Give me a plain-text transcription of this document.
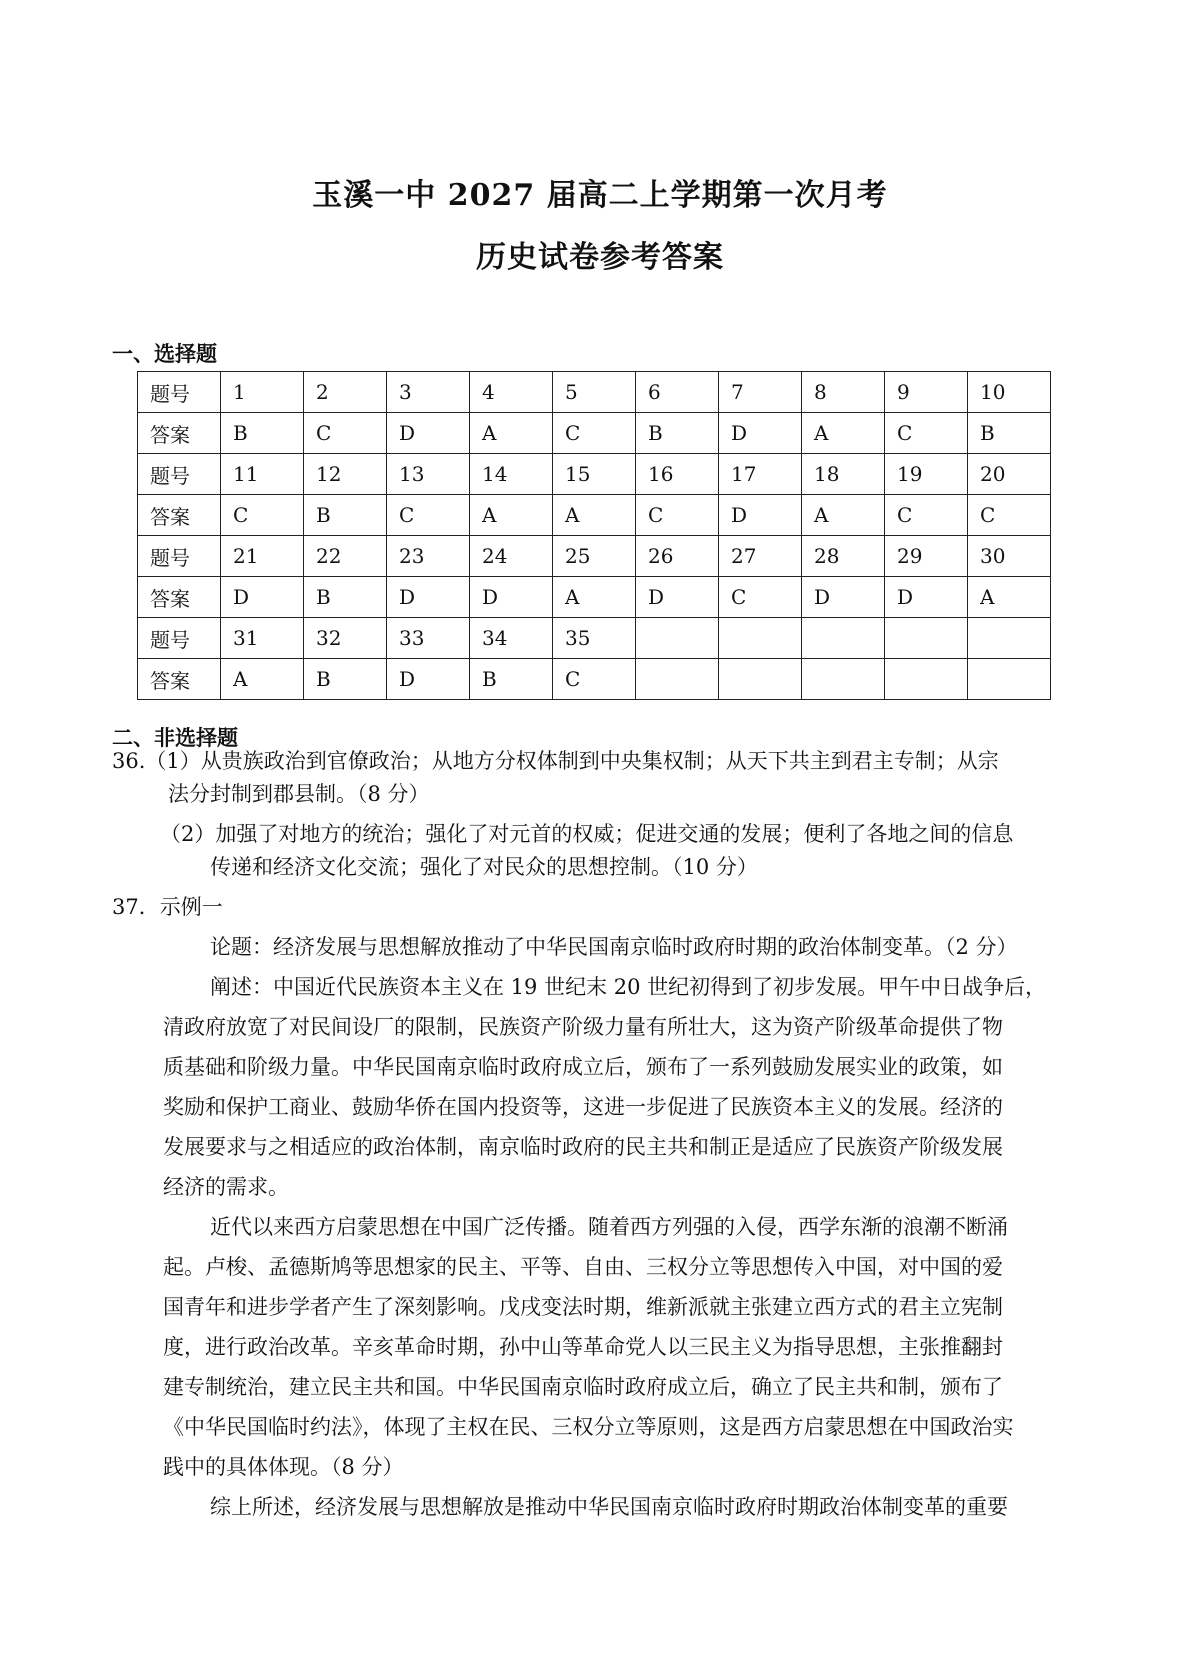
玉溪一中 2027 届高二上学期第一次月考
历史试卷参考答案
一、选择题
题号	1	2	3	4	5	6	7	8	9	10
答案	B	C	D	A	C	B	D	A	C	B
题号	11	12	13	14	15	16	17	18	19	20
答案	C	B	C	A	A	C	D	A	C	C
题号	21	22	23	24	25	26	27	28	29	30
答案	D	B	D	D	A	D	C	D	D	A
题号	31	32	33	34	35					
答案	A	B	D	B	C					
二、非选择题
36.（1）从贵族政治到官僚政治；从地方分权体制到中央集权制；从天下共主到君主专制；从宗
法分封制到郡县制。（8 分）
（2）加强了对地方的统治；强化了对元首的权威；促进交通的发展；便利了各地之间的信息
传递和经济文化交流；强化了对民众的思想控制。（10 分）
37．示例一
论题：经济发展与思想解放推动了中华民国南京临时政府时期的政治体制变革。（2 分）
阐述：中国近代民族资本主义在 19 世纪末 20 世纪初得到了初步发展。甲午中日战争后，
清政府放宽了对民间设厂的限制，民族资产阶级力量有所壮大，这为资产阶级革命提供了物
质基础和阶级力量。中华民国南京临时政府成立后，颁布了一系列鼓励发展实业的政策，如
奖励和保护工商业、鼓励华侨在国内投资等，这进一步促进了民族资本主义的发展。经济的
发展要求与之相适应的政治体制，南京临时政府的民主共和制正是适应了民族资产阶级发展
经济的需求。
近代以来西方启蒙思想在中国广泛传播。随着西方列强的入侵，西学东渐的浪潮不断涌
起。卢梭、孟德斯鸠等思想家的民主、平等、自由、三权分立等思想传入中国，对中国的爱
国青年和进步学者产生了深刻影响。戊戌变法时期，维新派就主张建立西方式的君主立宪制
度，进行政治改革。辛亥革命时期，孙中山等革命党人以三民主义为指导思想，主张推翻封
建专制统治，建立民主共和国。中华民国南京临时政府成立后，确立了民主共和制，颁布了
《中华民国临时约法》，体现了主权在民、三权分立等原则，这是西方启蒙思想在中国政治实
践中的具体体现。（8 分）
综上所述，经济发展与思想解放是推动中华民国南京临时政府时期政治体制变革的重要
